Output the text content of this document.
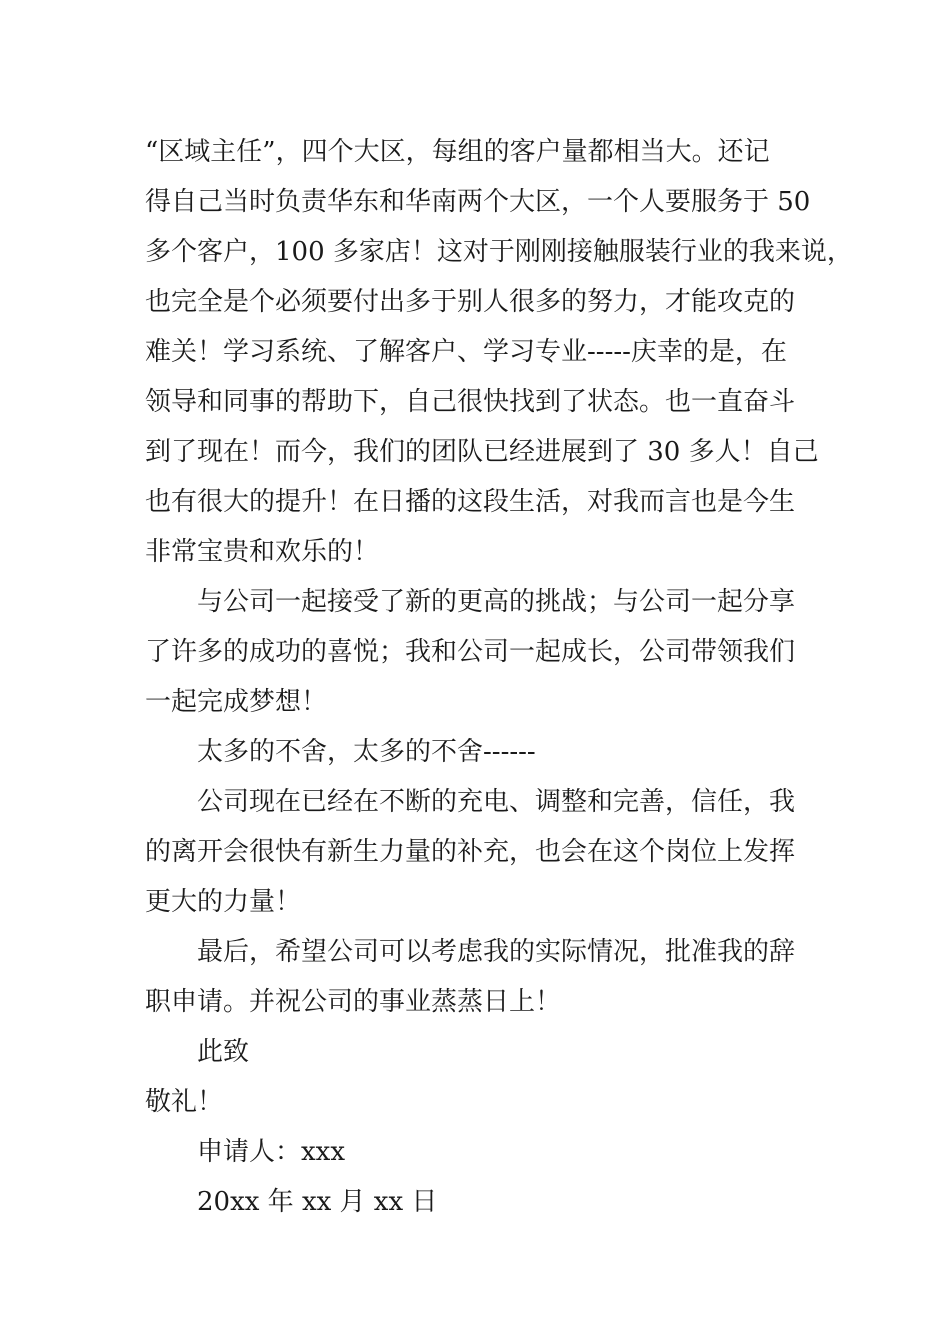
“区域主任”，四个大区，每组的客户量都相当大。还记
得自己当时负责华东和华南两个大区，一个人要服务于 50
多个客户，100 多家店！这对于刚刚接触服装行业的我来说，
也完全是个必须要付出多于别人很多的努力，才能攻克的
难关！学习系统、了解客户、学习专业-----庆幸的是，在
领导和同事的帮助下，自己很快找到了状态。也一直奋斗
到了现在！而今，我们的团队已经进展到了 30 多人！自己
也有很大的提升！在日播的这段生活，对我而言也是今生
非常宝贵和欢乐的！
与公司一起接受了新的更高的挑战；与公司一起分享
了许多的成功的喜悦；我和公司一起成长，公司带领我们
一起完成梦想！
太多的不舍，太多的不舍------
公司现在已经在不断的充电、调整和完善，信任，我
的离开会很快有新生力量的补充，也会在这个岗位上发挥
更大的力量！
最后，希望公司可以考虑我的实际情况，批准我的辞
职申请。并祝公司的事业蒸蒸日上！
此致
敬礼！
申请人：xxx
20xx 年 xx 月 xx 日
